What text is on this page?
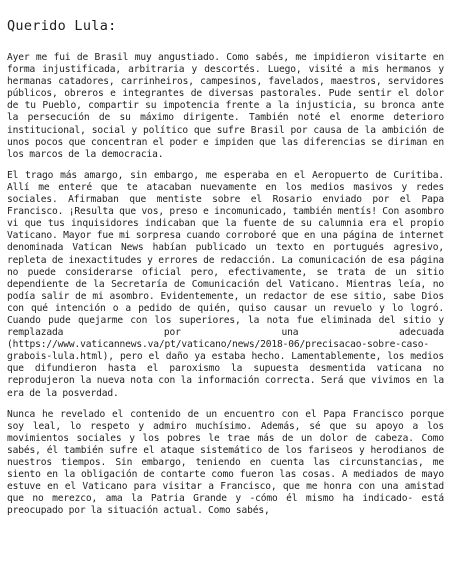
Querido Lula:

Ayer me fui de Brasil muy angustiado. Como sabés, me impidieron visitarte en forma injustificada, arbitraria y descortés. Luego, visité a mis hermanos y hermanas catadores, carrinheiros, campesinos, favelados, maestros, servidores públicos, obreros e integrantes de diversas pastorales. Pude sentir el dolor de tu Pueblo, compartir su impotencia frente a la injusticia, su bronca ante la persecución de su máximo dirigente. También noté el enorme deterioro institucional, social y político que sufre Brasil por causa de la ambición de unos pocos que concentran el poder e impiden que las diferencias se diriman en los marcos de la democracia.

El trago más amargo, sin embargo, me esperaba en el Aeropuerto de Curitiba. Allí me enteré que te atacaban nuevamente en los medios masivos y redes sociales. Afirmaban que mentiste sobre el Rosario enviado por el Papa Francisco. ¡Resulta que vos, preso e incomunicado, también mentís! Con asombro vi que tus inquisidores indicaban que la fuente de su calumnia era el propio Vaticano. Mayor fue mi sorpresa cuando corroboré que en una página de internet denominada Vatican News habían publicado un texto en portugués agresivo, repleta de inexactitudes y errores de redacción. La comunicación de esa página no puede considerarse oficial pero, efectivamente, se trata de un sitio dependiente de la Secretaría de Comunicación del Vaticano. Mientras leía, no podía salir de mi asombro. Evidentemente, un redactor de ese sitio, sabe Dios con qué intención o a pedido de quién, quiso causar un revuelo y lo logró. Cuando pude quejarme con los superiores, la nota fue eliminada del sitio y remplazada por una adecuada (https://www.vaticannews.va/pt/vaticano/news/2018-06/precisacao-sobre-caso-grabois-lula.html), pero el daño ya estaba hecho. Lamentablemente, los medios que difundieron hasta el paroxismo la supuesta desmentida vaticana no reprodujeron la nueva nota con la información correcta. Será que vivimos en la era de la posverdad.

Nunca he revelado el contenido de un encuentro con el Papa Francisco porque soy leal, lo respeto y admiro muchísimo. Además, sé que su apoyo a los movimientos sociales y los pobres le trae más de un dolor de cabeza. Como sabés, él también sufre el ataque sistemático de los fariseos y herodianos de nuestros tiempos. Sin embargo, teniendo en cuenta las circunstancias, me siento en la obligación de contarte como fueron las cosas. A mediados de mayo estuve en el Vaticano para visitar a Francisco, que me honra con una amistad que no merezco, ama la Patria Grande y -cómo él mismo ha indicado- está preocupado por la situación actual. Como sabés,
